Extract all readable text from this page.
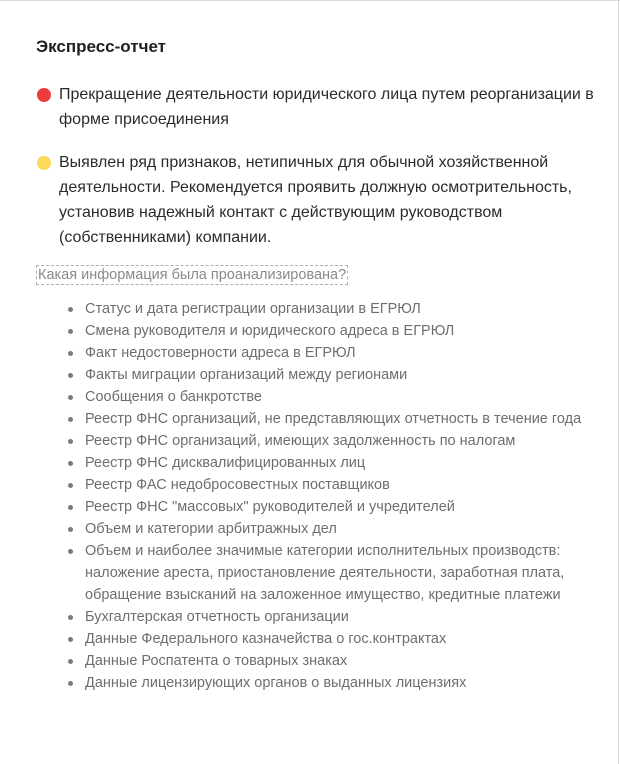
Экспресс-отчет
Прекращение деятельности юридического лица путем реорганизации в форме присоединения
Выявлен ряд признаков, нетипичных для обычной хозяйственной деятельности. Рекомендуется проявить должную осмотрительность, установив надежный контакт с действующим руководством (собственниками) компании.
Какая информация была проанализирована?
Статус и дата регистрации организации в ЕГРЮЛ
Смена руководителя и юридического адреса в ЕГРЮЛ
Факт недостоверности адреса в ЕГРЮЛ
Факты миграции организаций между регионами
Сообщения о банкротстве
Реестр ФНС организаций, не представляющих отчетность в течение года
Реестр ФНС организаций, имеющих задолженность по налогам
Реестр ФНС дисквалифицированных лиц
Реестр ФАС недобросовестных поставщиков
Реестр ФНС "массовых" руководителей и учредителей
Объем и категории арбитражных дел
Объем и наиболее значимые категории исполнительных производств: наложение ареста, приостановление деятельности, заработная плата, обращение взысканий на заложенное имущество, кредитные платежи
Бухгалтерская отчетность организации
Данные Федерального казначейства о гос.контрактах
Данные Роспатента о товарных знаках
Данные лицензирующих органов о выданных лицензиях
